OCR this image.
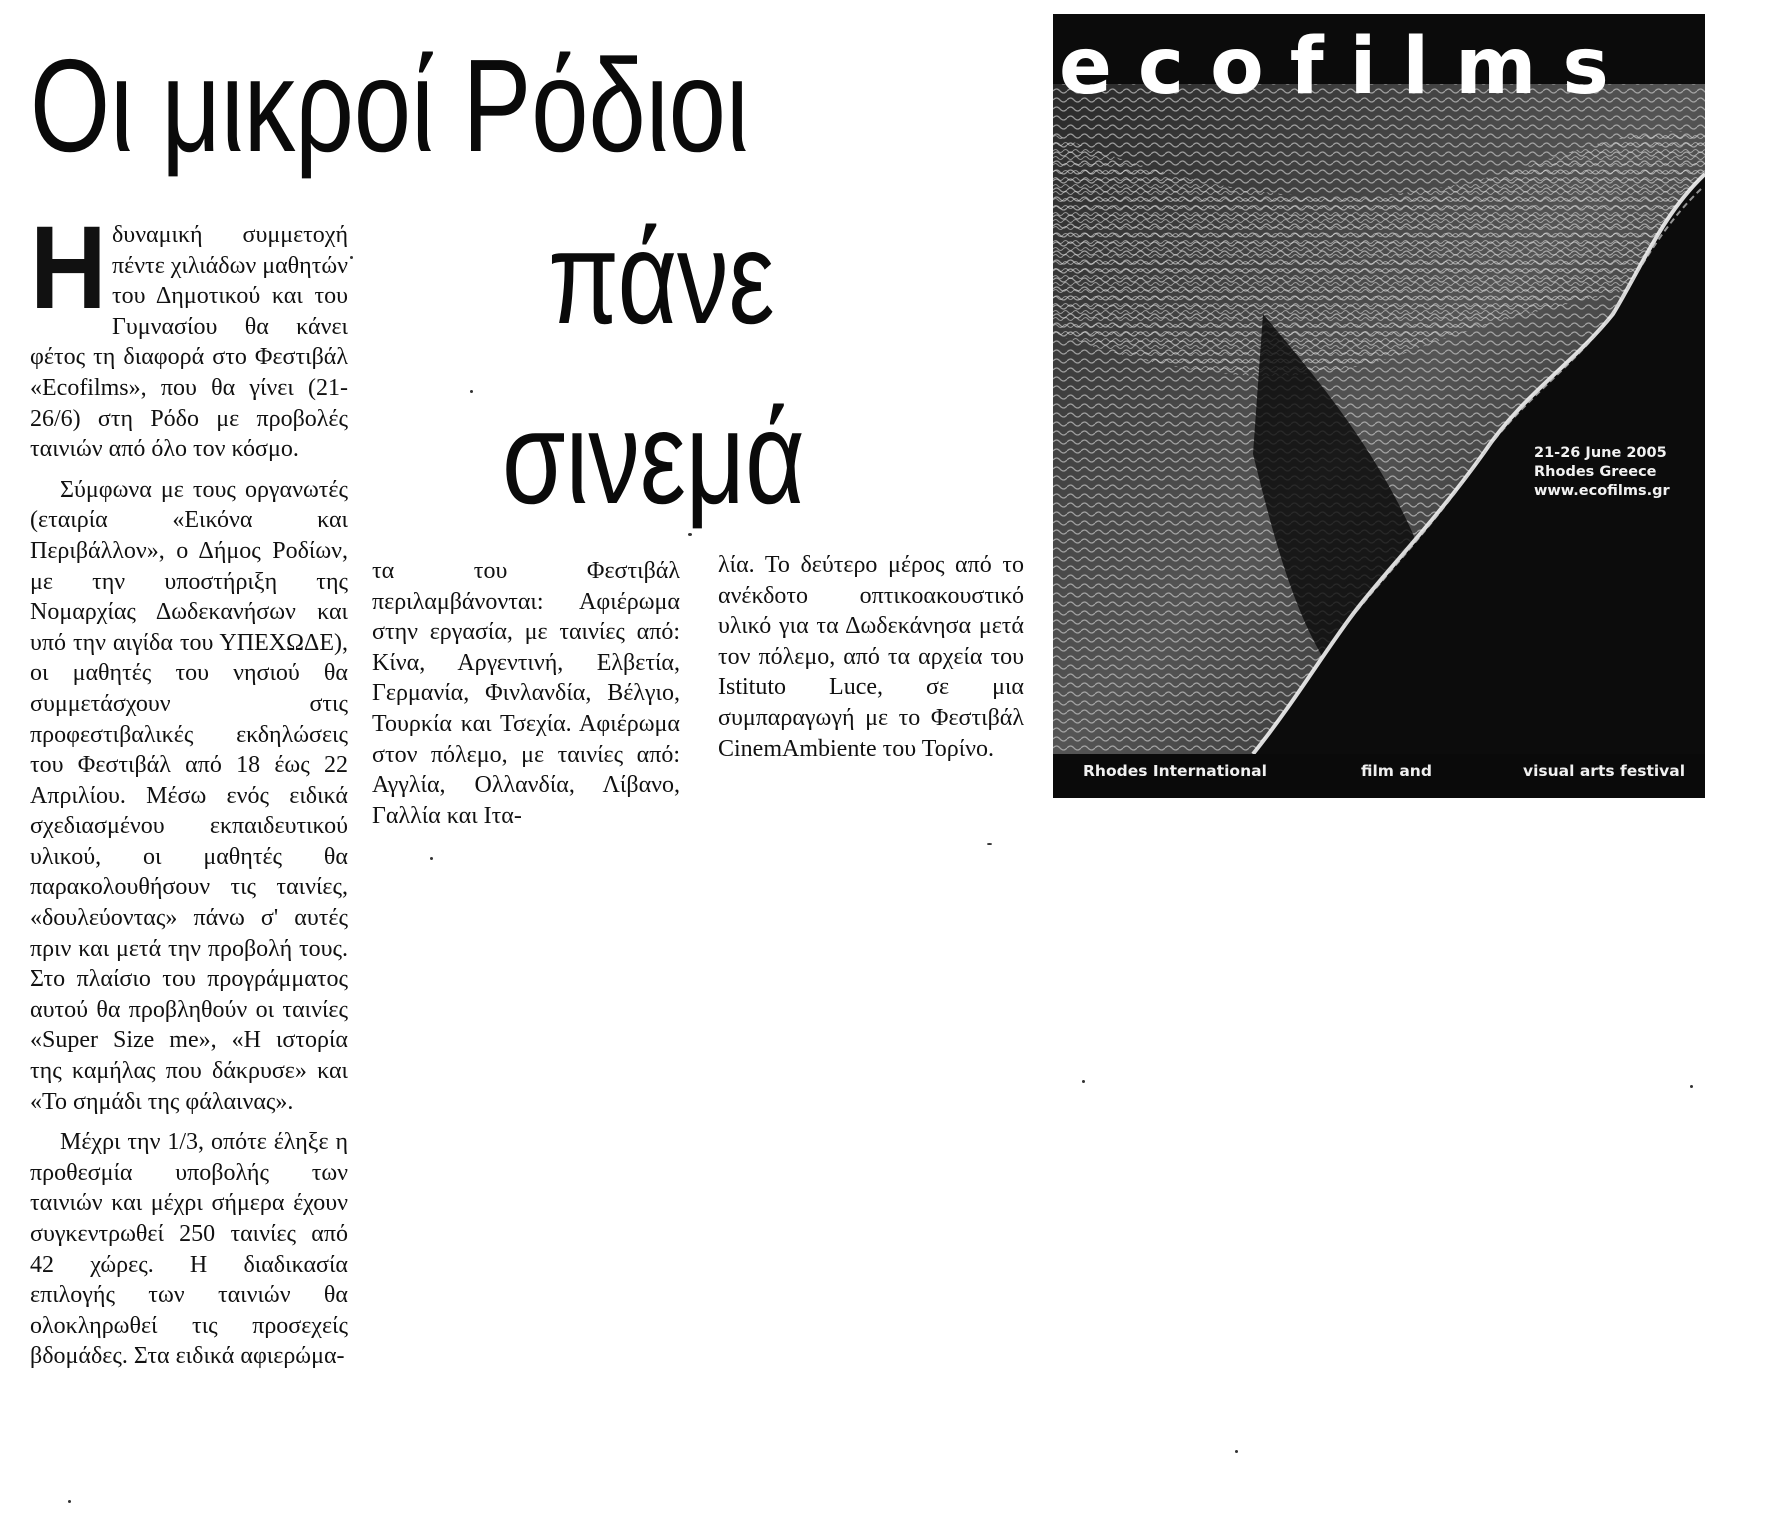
Οι μικροί Ρόδιοι
πάνε
σινεμά

Η δυναμική συμμετοχή πέντε χιλιάδων μαθητών του Δημοτικού και του Γυμνασίου θα κάνει φέτος τη διαφορά στο Φεστιβάλ «Ecofilms», που θα γίνει (21-26/6) στη Ρόδο με προβολές ταινιών από όλο τον κόσμο.

Σύμφωνα με τους οργανωτές (εταιρία «Εικόνα και Περιβάλλον», ο Δήμος Ροδίων, με την υποστήριξη της Νομαρχίας Δωδεκανήσων και υπό την αιγίδα του ΥΠΕΧΩΔΕ), οι μαθητές του νησιού θα συμμετάσχουν στις προφεστιβαλικές εκδηλώσεις του Φεστιβάλ από 18 έως 22 Απριλίου. Μέσω ενός ειδικά σχεδιασμένου εκπαιδευτικού υλικού, οι μαθητές θα παρακολουθήσουν τις ταινίες, «δουλεύοντας» πάνω σ' αυτές πριν και μετά την προβολή τους. Στο πλαίσιο του προγράμματος αυτού θα προβληθούν οι ταινίες «Super Size me», «Η ιστορία της καμήλας που δάκρυσε» και «Το σημάδι της φάλαινας».

Μέχρι την 1/3, οπότε έληξε η προθεσμία υποβολής των ταινιών και μέχρι σήμερα έχουν συγκεντρωθεί 250 ταινίες από 42 χώρες. Η διαδικασία επιλογής των ταινιών θα ολοκληρωθεί τις προσεχείς βδομάδες. Στα ειδικά αφιερώμα-

τα του Φεστιβάλ περιλαμβάνονται: Αφιέρωμα στην εργασία, με ταινίες από: Κίνα, Αργεντινή, Ελβετία, Γερμανία, Φινλανδία, Βέλγιο, Τουρκία και Τσεχία. Αφιέρωμα στον πόλεμο, με ταινίες από: Αγγλία, Ολλανδία, Λίβανο, Γαλλία και Ιτα-

λία. Το δεύτερο μέρος από το ανέκδοτο οπτικοακουστικό υλικό για τα Δωδεκάνησα μετά τον πόλεμο, από τα αρχεία του Istituto Luce, σε μια συμπαραγωγή με το Φεστιβάλ CinemAmbiente του Τορίνο.

ecofilms
21-26 June 2005
Rhodes Greece
www.ecofilms.gr
Rhodes International	film and	visual arts festival
